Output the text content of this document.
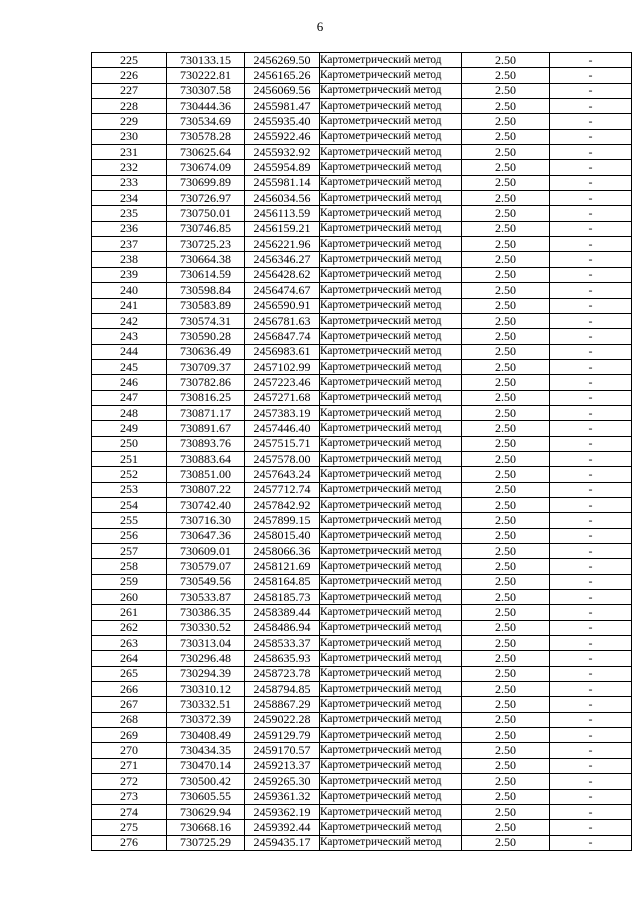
6
225	730133.15	2456269.50	Картометрический метод	2.50	-
226	730222.81	2456165.26	Картометрический метод	2.50	-
227	730307.58	2456069.56	Картометрический метод	2.50	-
228	730444.36	2455981.47	Картометрический метод	2.50	-
229	730534.69	2455935.40	Картометрический метод	2.50	-
230	730578.28	2455922.46	Картометрический метод	2.50	-
231	730625.64	2455932.92	Картометрический метод	2.50	-
232	730674.09	2455954.89	Картометрический метод	2.50	-
233	730699.89	2455981.14	Картометрический метод	2.50	-
234	730726.97	2456034.56	Картометрический метод	2.50	-
235	730750.01	2456113.59	Картометрический метод	2.50	-
236	730746.85	2456159.21	Картометрический метод	2.50	-
237	730725.23	2456221.96	Картометрический метод	2.50	-
238	730664.38	2456346.27	Картометрический метод	2.50	-
239	730614.59	2456428.62	Картометрический метод	2.50	-
240	730598.84	2456474.67	Картометрический метод	2.50	-
241	730583.89	2456590.91	Картометрический метод	2.50	-
242	730574.31	2456781.63	Картометрический метод	2.50	-
243	730590.28	2456847.74	Картометрический метод	2.50	-
244	730636.49	2456983.61	Картометрический метод	2.50	-
245	730709.37	2457102.99	Картометрический метод	2.50	-
246	730782.86	2457223.46	Картометрический метод	2.50	-
247	730816.25	2457271.68	Картометрический метод	2.50	-
248	730871.17	2457383.19	Картометрический метод	2.50	-
249	730891.67	2457446.40	Картометрический метод	2.50	-
250	730893.76	2457515.71	Картометрический метод	2.50	-
251	730883.64	2457578.00	Картометрический метод	2.50	-
252	730851.00	2457643.24	Картометрический метод	2.50	-
253	730807.22	2457712.74	Картометрический метод	2.50	-
254	730742.40	2457842.92	Картометрический метод	2.50	-
255	730716.30	2457899.15	Картометрический метод	2.50	-
256	730647.36	2458015.40	Картометрический метод	2.50	-
257	730609.01	2458066.36	Картометрический метод	2.50	-
258	730579.07	2458121.69	Картометрический метод	2.50	-
259	730549.56	2458164.85	Картометрический метод	2.50	-
260	730533.87	2458185.73	Картометрический метод	2.50	-
261	730386.35	2458389.44	Картометрический метод	2.50	-
262	730330.52	2458486.94	Картометрический метод	2.50	-
263	730313.04	2458533.37	Картометрический метод	2.50	-
264	730296.48	2458635.93	Картометрический метод	2.50	-
265	730294.39	2458723.78	Картометрический метод	2.50	-
266	730310.12	2458794.85	Картометрический метод	2.50	-
267	730332.51	2458867.29	Картометрический метод	2.50	-
268	730372.39	2459022.28	Картометрический метод	2.50	-
269	730408.49	2459129.79	Картометрический метод	2.50	-
270	730434.35	2459170.57	Картометрический метод	2.50	-
271	730470.14	2459213.37	Картометрический метод	2.50	-
272	730500.42	2459265.30	Картометрический метод	2.50	-
273	730605.55	2459361.32	Картометрический метод	2.50	-
274	730629.94	2459362.19	Картометрический метод	2.50	-
275	730668.16	2459392.44	Картометрический метод	2.50	-
276	730725.29	2459435.17	Картометрический метод	2.50	-
